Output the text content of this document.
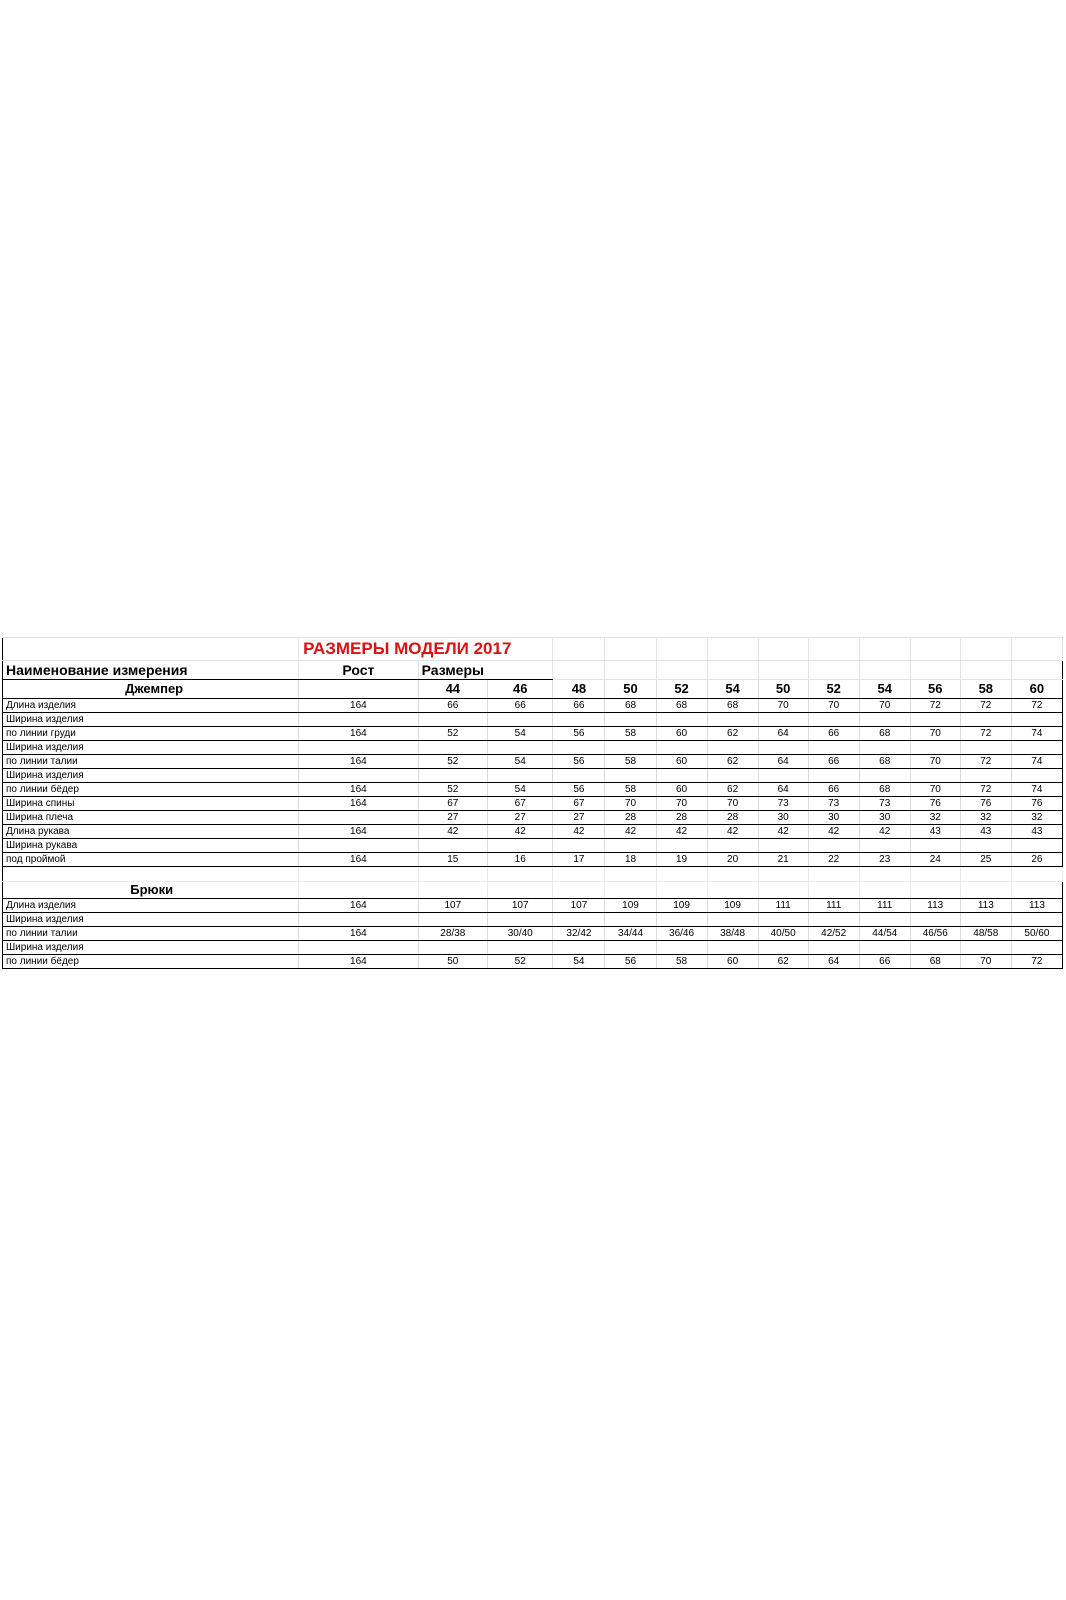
	РАЗМЕРЫ МОДЕЛИ 2017												
Наименование измерения	Рост	Размеры											
Джемпер		44	46	48	50	52	54	50	52	54	56	58	60
Длина изделия	164	66	66	66	68	68	68	70	70	70	72	72	72
Ширина изделия													
по линии груди	164	52	54	56	58	60	62	64	66	68	70	72	74
Ширина изделия													
по линии талии	164	52	54	56	58	60	62	64	66	68	70	72	74
Ширина изделия													
по линии бёдер	164	52	54	56	58	60	62	64	66	68	70	72	74
Ширина спины	164	67	67	67	70	70	70	73	73	73	76	76	76
Ширина плеча		27	27	27	28	28	28	30	30	30	32	32	32
Длина рукава	164	42	42	42	42	42	42	42	42	42	43	43	43
Ширина рукава													
под проймой	164	15	16	17	18	19	20	21	22	23	24	25	26

Брюки													
Длина изделия	164	107	107	107	109	109	109	111	111	111	113	113	113
Ширина изделия													
по линии талии	164	28/38	30/40	32/42	34/44	36/46	38/48	40/50	42/52	44/54	46/56	48/58	50/60
Ширина изделия													
по линии бёдер	164	50	52	54	56	58	60	62	64	66	68	70	72
